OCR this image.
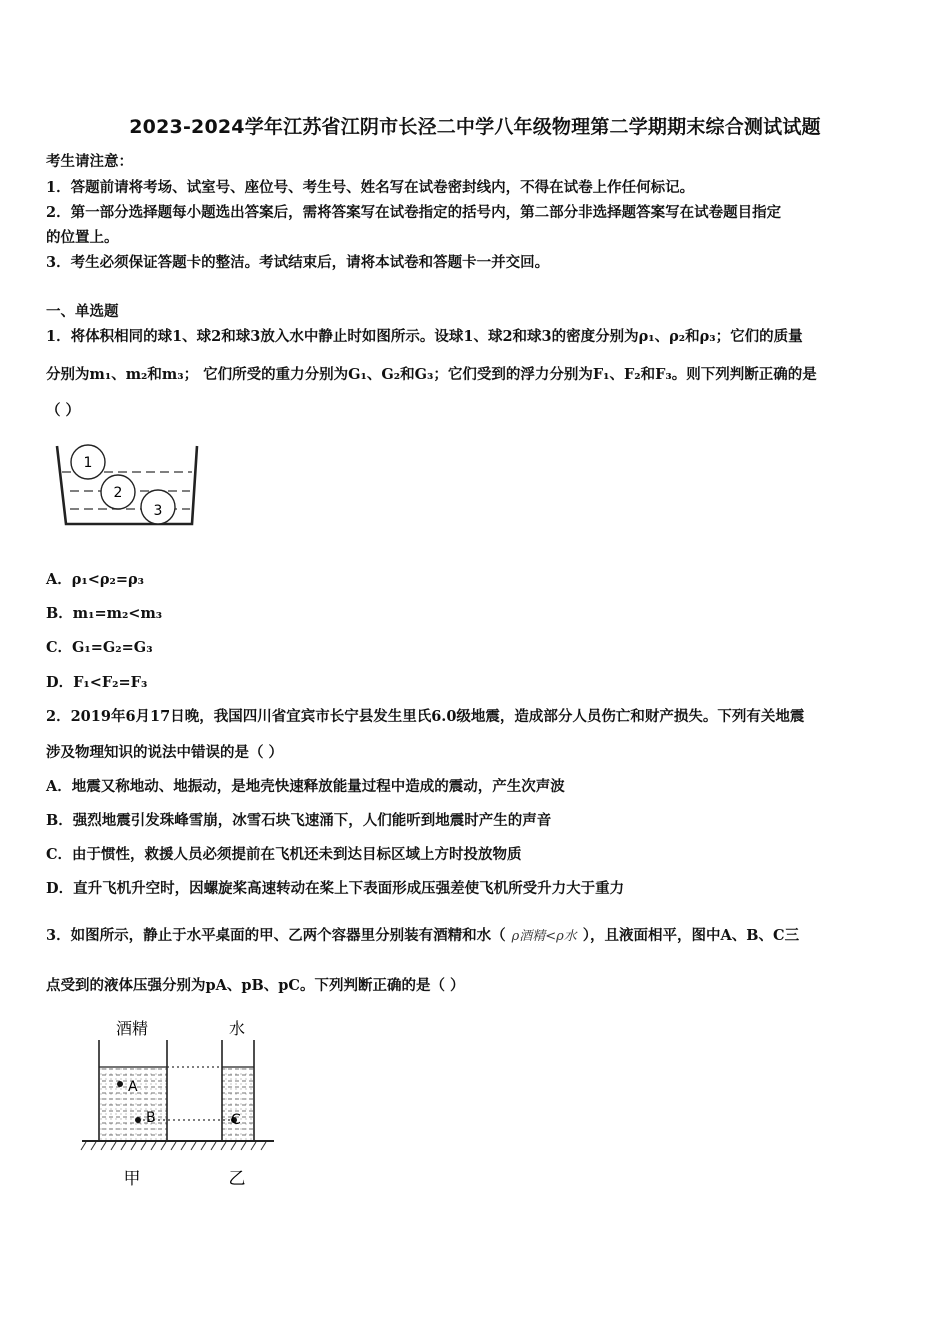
2023-2024学年江苏省江阴市长泾二中学八年级物理第二学期期末综合测试试题
考生请注意：
1．答题前请将考场、试室号、座位号、考生号、姓名写在试卷密封线内，不得在试卷上作任何标记。
2．第一部分选择题每小题选出答案后，需将答案写在试卷指定的括号内，第二部分非选择题答案写在试卷题目指定
的位置上。
3．考生必须保证答题卡的整洁。考试结束后，请将本试卷和答题卡一并交回。
一、单选题
1．将体积相同的球1、球2和球3放入水中静止时如图所示。设球1、球2和球3的密度分别为ρ₁、ρ₂和ρ₃；它们的质量
分别为m₁、m₂和m₃； 它们所受的重力分别为G₁、G₂和G₃；它们受到的浮力分别为F₁、F₂和F₃。则下列判断正确的是
（ ）
1
2
3
A．ρ₁<ρ₂=ρ₃
B．m₁=m₂<m₃
C．G₁=G₂=G₃
D．F₁<F₂=F₃
2．2019年6月17日晚，我国四川省宜宾市长宁县发生里氏6.0级地震，造成部分人员伤亡和财产损失。下列有关地震
涉及物理知识的说法中错误的是（ ）
A．地震又称地动、地振动，是地壳快速释放能量过程中造成的震动，产生次声波
B．强烈地震引发珠峰雪崩，冰雪石块飞速涌下，人们能听到地震时产生的声音
C．由于惯性，救援人员必须提前在飞机还未到达目标区域上方时投放物质
D．直升飞机升空时，因螺旋桨高速转动在桨上下表面形成压强差使飞机所受升力大于重力
3．如图所示，静止于水平桌面的甲、乙两个容器里分别装有酒精和水（ ρ酒精<ρ水 ），且液面相平，图中A、B、C三
点受到的液体压强分别为pA、pB、pC。下列判断正确的是（ ）
酒精	水
A
B	C
甲	乙
